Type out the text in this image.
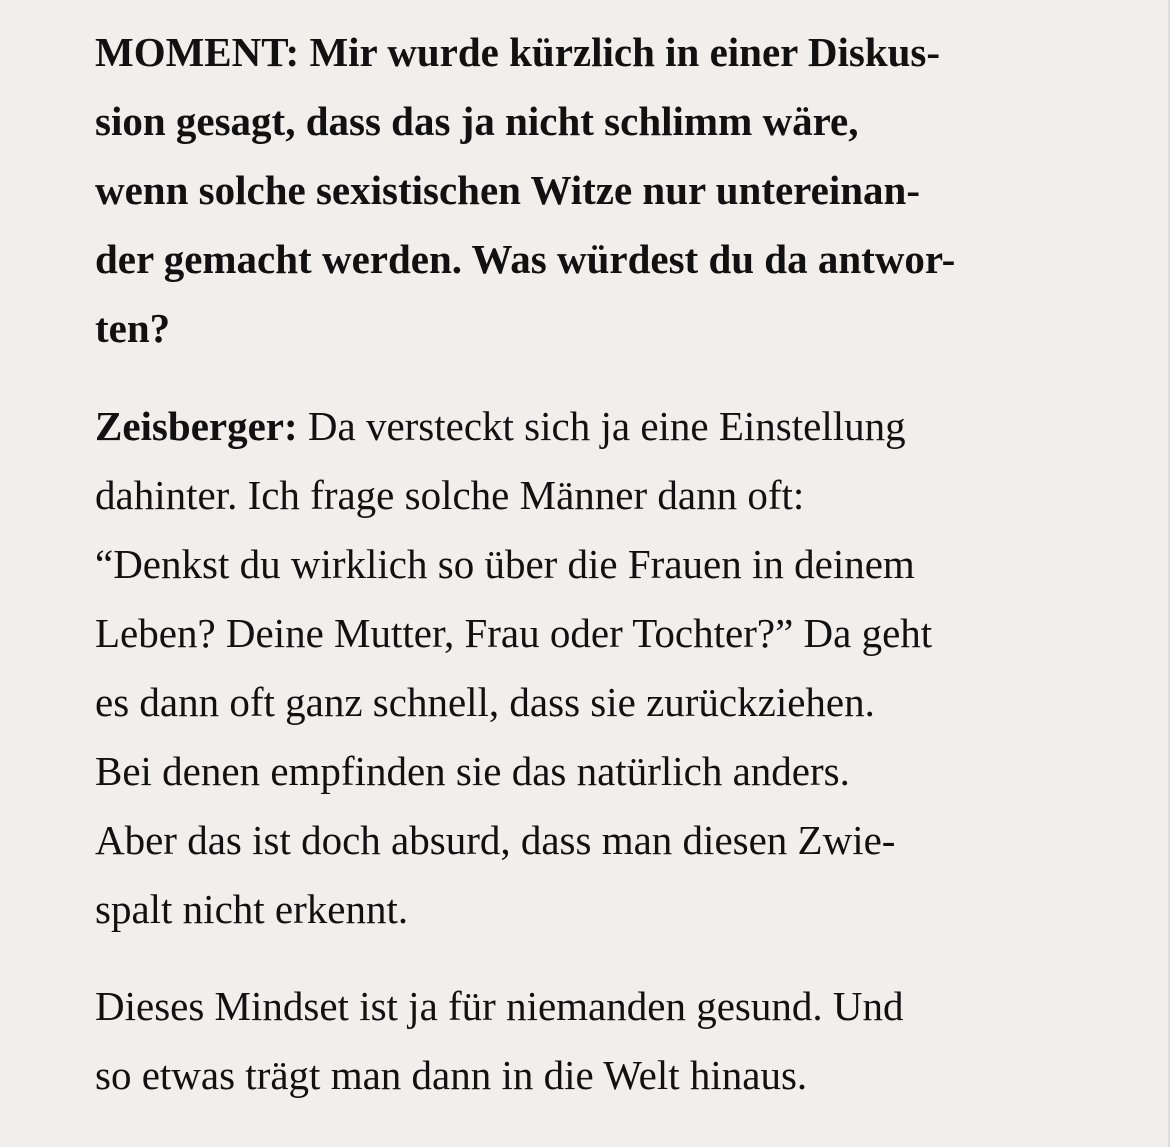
MOMENT: Mir wurde kürzlich in einer Diskus-
sion gesagt, dass das ja nicht schlimm wäre,
wenn solche sexistischen Witze nur untereinan-
der gemacht werden. Was würdest du da antwor-
ten?
Zeisberger: Da versteckt sich ja eine Einstellung
dahinter. Ich frage solche Männer dann oft:
“Denkst du wirklich so über die Frauen in deinem
Leben? Deine Mutter, Frau oder Tochter?” Da geht
es dann oft ganz schnell, dass sie zurückziehen.
Bei denen empfinden sie das natürlich anders.
Aber das ist doch absurd, dass man diesen Zwie-
spalt nicht erkennt.
Dieses Mindset ist ja für niemanden gesund. Und
so etwas trägt man dann in die Welt hinaus.
